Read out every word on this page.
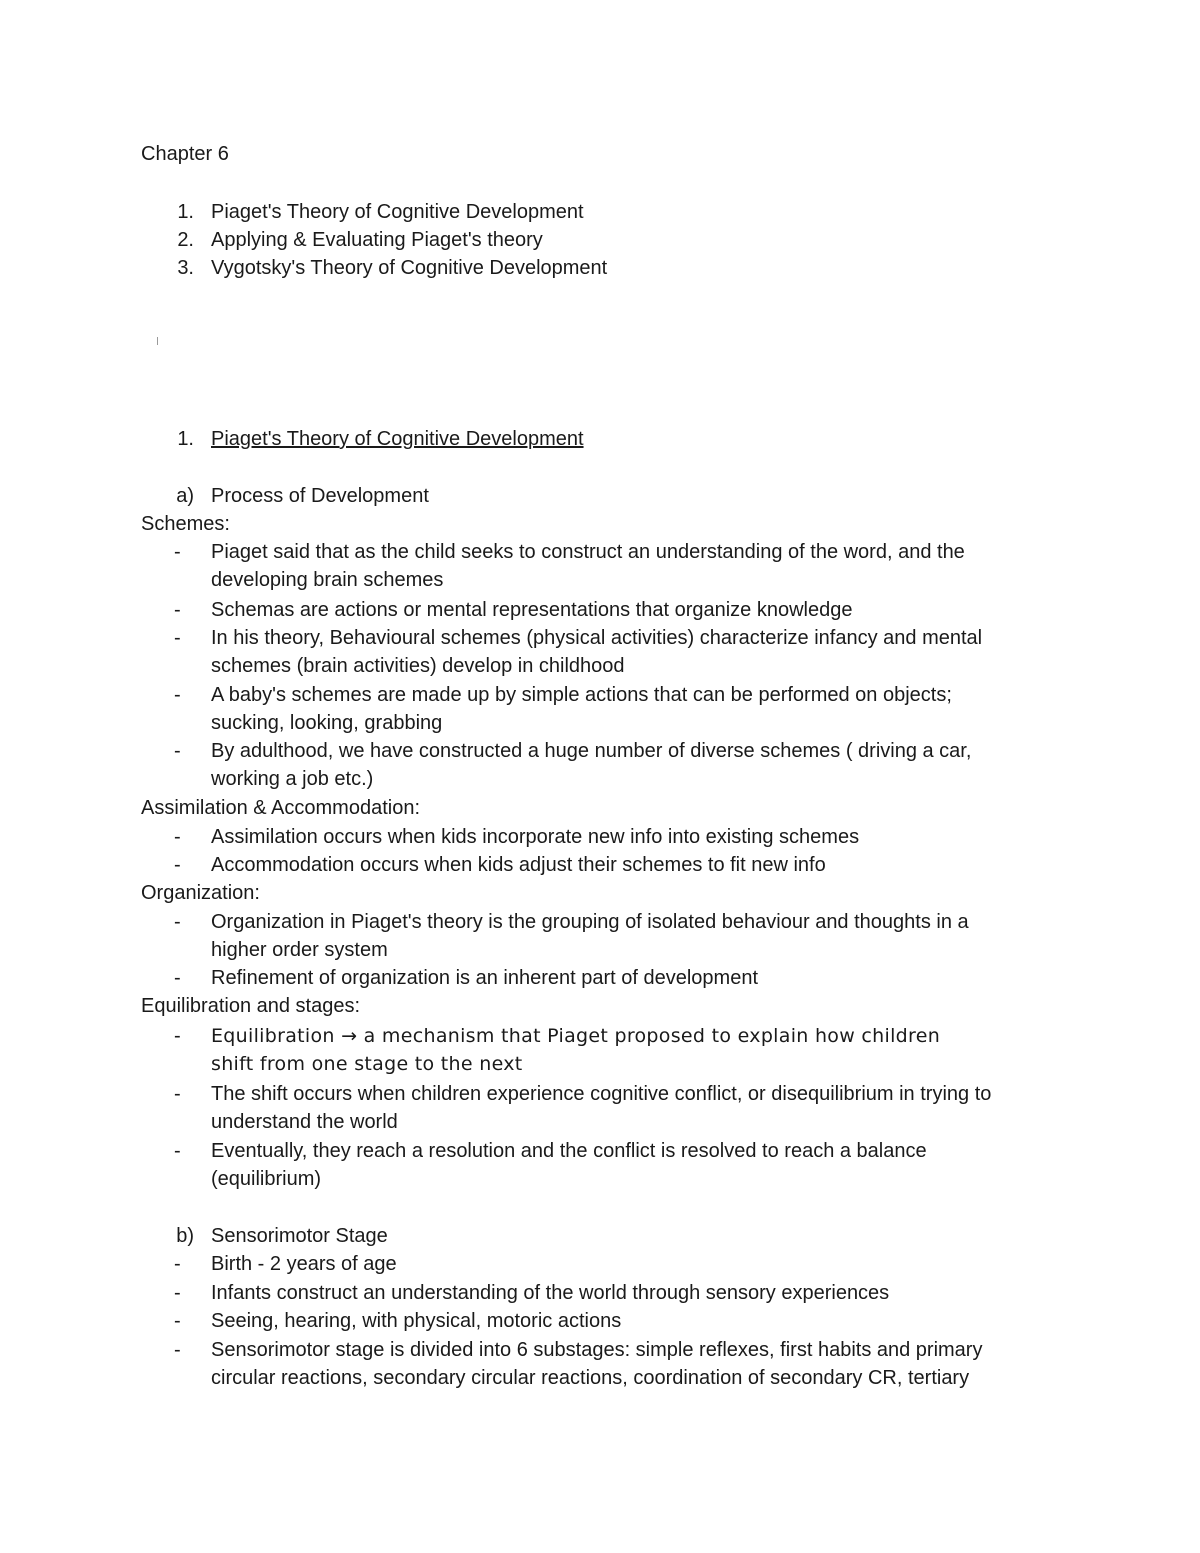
Chapter 6
1. Piaget's Theory of Cognitive Development
2. Applying & Evaluating Piaget's theory
3. Vygotsky's Theory of Cognitive Development
1. Piaget's Theory of Cognitive Development
a) Process of Development
Schemes:
- Piaget said that as the child seeks to construct an understanding of the word, and the
developing brain schemes
- Schemas are actions or mental representations that organize knowledge
- In his theory, Behavioural schemes (physical activities) characterize infancy and mental
schemes (brain activities) develop in childhood
- A baby's schemes are made up by simple actions that can be performed on objects;
sucking, looking, grabbing
- By adulthood, we have constructed a huge number of diverse schemes ( driving a car,
working a job etc.)
Assimilation & Accommodation:
- Assimilation occurs when kids incorporate new info into existing schemes
- Accommodation occurs when kids adjust their schemes to fit new info
Organization:
- Organization in Piaget's theory is the grouping of isolated behaviour and thoughts in a
higher order system
- Refinement of organization is an inherent part of development
Equilibration and stages:
- Equilibration → a mechanism that Piaget proposed to explain how children
shift from one stage to the next
- The shift occurs when children experience cognitive conflict, or disequilibrium in trying to
understand the world
- Eventually, they reach a resolution and the conflict is resolved to reach a balance
(equilibrium)
b) Sensorimotor Stage
- Birth - 2 years of age
- Infants construct an understanding of the world through sensory experiences
- Seeing, hearing, with physical, motoric actions
- Sensorimotor stage is divided into 6 substages: simple reflexes, first habits and primary
circular reactions, secondary circular reactions, coordination of secondary CR, tertiary
